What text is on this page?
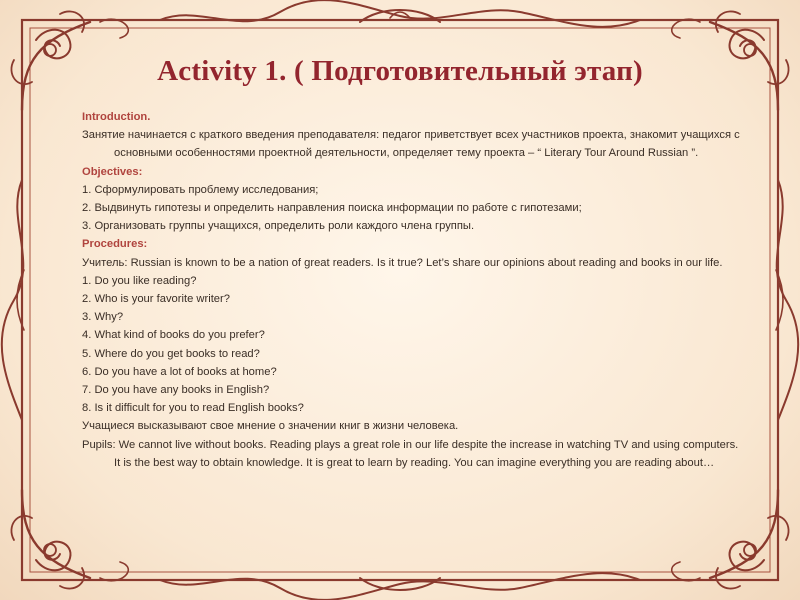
Activity 1. ( Подготовительный этап)

Introduction.

Занятие начинается с краткого введения преподавателя: педагог приветствует всех участников проекта, знакомит учащихся с основными особенностями проектной деятельности, определяет тему проекта – “ Literary Tour Around Russian ”.

Objectives:

1. Сформулировать проблему исследования;

2. Выдвинуть гипотезы и определить направления поиска информации по работе с гипотезами;

3. Организовать группы учащихся, определить роли каждого члена группы.

Procedures:

Учитель: Russian is known to be a nation of great readers. Is it true? Let’s share our opinions about reading and books in our life.

1. Do you like reading?

2. Who is your favorite writer?

3. Why?

4. What kind of books do you prefer?

5. Where do you get books to read?

6. Do you have a lot of books at home?

7. Do you have any books in English?

8. Is it difficult for you to read English books?

Учащиеся высказывают свое мнение о значении книг в жизни человека.

Pupils: We cannot live without books. Reading plays a great role in our life despite the increase in watching TV and using computers. It is the best way to obtain knowledge. It is great to learn by reading. You can imagine everything you are reading about…
